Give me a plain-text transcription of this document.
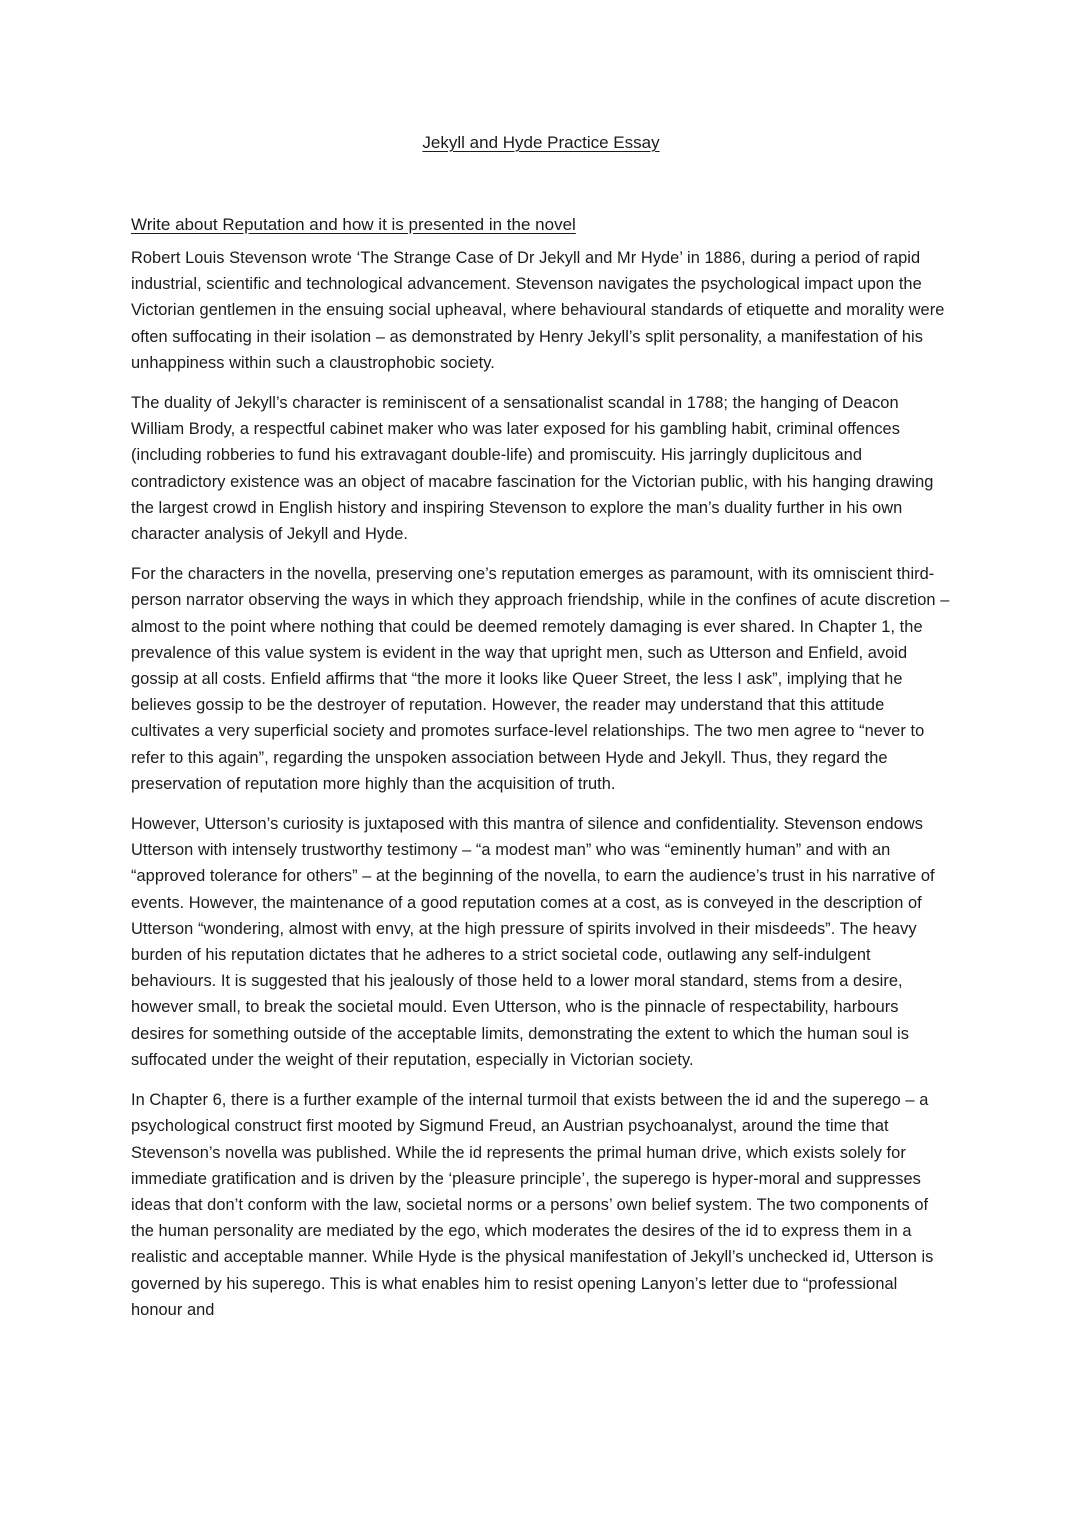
Jekyll and Hyde Practice Essay
Write about Reputation and how it is presented in the novel

Robert Louis Stevenson wrote ‘The Strange Case of Dr Jekyll and Mr Hyde’ in 1886, during a period of rapid industrial, scientific and technological advancement. Stevenson navigates the psychological impact upon the Victorian gentlemen in the ensuing social upheaval, where behavioural standards of etiquette and morality were often suffocating in their isolation – as demonstrated by Henry Jekyll’s split personality, a manifestation of his unhappiness within such a claustrophobic society.

The duality of Jekyll’s character is reminiscent of a sensationalist scandal in 1788; the hanging of Deacon William Brody, a respectful cabinet maker who was later exposed for his gambling habit, criminal offences (including robberies to fund his extravagant double-life) and promiscuity. His jarringly duplicitous and contradictory existence was an object of macabre fascination for the Victorian public, with his hanging drawing the largest crowd in English history and inspiring Stevenson to explore the man’s duality further in his own character analysis of Jekyll and Hyde.

For the characters in the novella, preserving one’s reputation emerges as paramount, with its omniscient third-person narrator observing the ways in which they approach friendship, while in the confines of acute discretion – almost to the point where nothing that could be deemed remotely damaging is ever shared. In Chapter 1, the prevalence of this value system is evident in the way that upright men, such as Utterson and Enfield, avoid gossip at all costs. Enfield affirms that “the more it looks like Queer Street, the less I ask”, implying that he believes gossip to be the destroyer of reputation. However, the reader may understand that this attitude cultivates a very superficial society and promotes surface-level relationships. The two men agree to “never to refer to this again”, regarding the unspoken association between Hyde and Jekyll. Thus, they regard the preservation of reputation more highly than the acquisition of truth.

However, Utterson’s curiosity is juxtaposed with this mantra of silence and confidentiality. Stevenson endows Utterson with intensely trustworthy testimony – “a modest man” who was “eminently human” and with an “approved tolerance for others” – at the beginning of the novella, to earn the audience’s trust in his narrative of events. However, the maintenance of a good reputation comes at a cost, as is conveyed in the description of Utterson “wondering, almost with envy, at the high pressure of spirits involved in their misdeeds”. The heavy burden of his reputation dictates that he adheres to a strict societal code, outlawing any self-indulgent behaviours. It is suggested that his jealously of those held to a lower moral standard, stems from a desire, however small, to break the societal mould. Even Utterson, who is the pinnacle of respectability, harbours desires for something outside of the acceptable limits, demonstrating the extent to which the human soul is suffocated under the weight of their reputation, especially in Victorian society.

In Chapter 6, there is a further example of the internal turmoil that exists between the id and the superego – a psychological construct first mooted by Sigmund Freud, an Austrian psychoanalyst, around the time that Stevenson’s novella was published. While the id represents the primal human drive, which exists solely for immediate gratification and is driven by the ‘pleasure principle’, the superego is hyper-moral and suppresses ideas that don’t conform with the law, societal norms or a persons’ own belief system. The two components of the human personality are mediated by the ego, which moderates the desires of the id to express them in a realistic and acceptable manner. While Hyde is the physical manifestation of Jekyll’s unchecked id, Utterson is governed by his superego. This is what enables him to resist opening Lanyon’s letter due to “professional honour and
